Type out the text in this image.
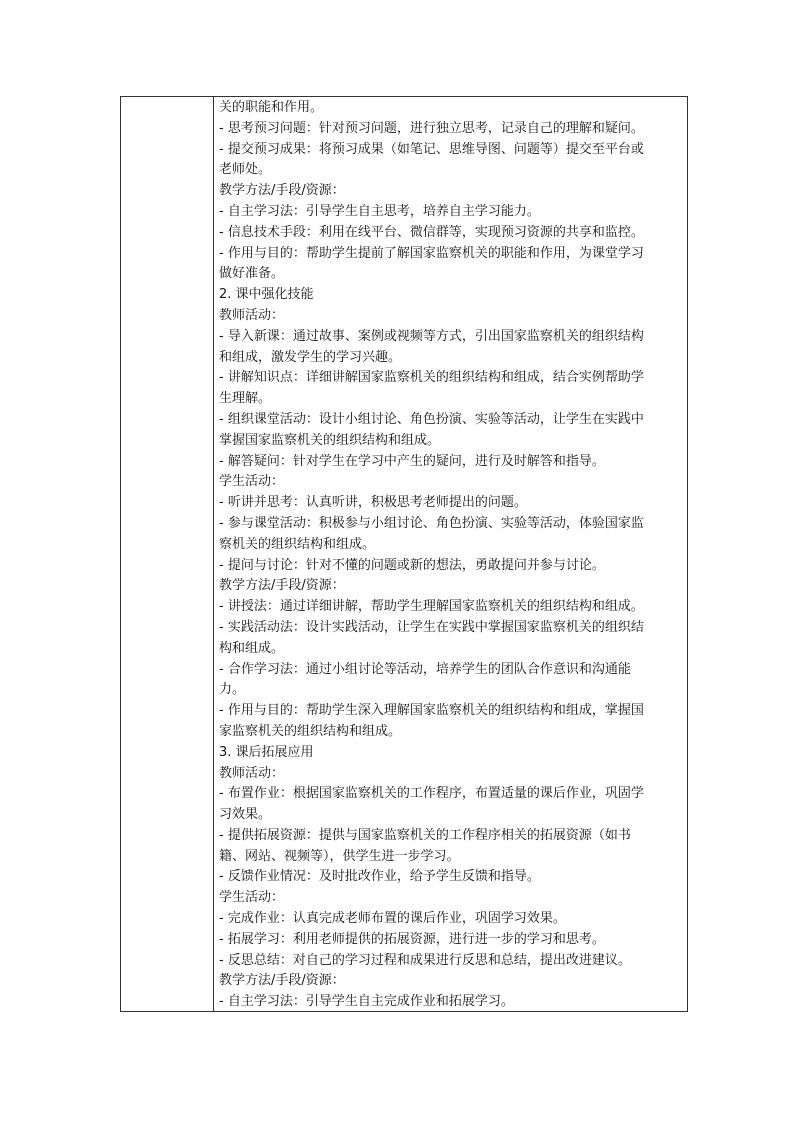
关的职能和作用。
- 思考预习问题：针对预习问题，进行独立思考，记录自己的理解和疑问。
- 提交预习成果：将预习成果（如笔记、思维导图、问题等）提交至平台或
老师处。
教学方法/手段/资源：
- 自主学习法：引导学生自主思考，培养自主学习能力。
- 信息技术手段：利用在线平台、微信群等，实现预习资源的共享和监控。
- 作用与目的：帮助学生提前了解国家监察机关的职能和作用，为课堂学习
做好准备。
2. 课中强化技能
教师活动：
- 导入新课：通过故事、案例或视频等方式，引出国家监察机关的组织结构
和组成，激发学生的学习兴趣。
- 讲解知识点：详细讲解国家监察机关的组织结构和组成，结合实例帮助学
生理解。
- 组织课堂活动：设计小组讨论、角色扮演、实验等活动，让学生在实践中
掌握国家监察机关的组织结构和组成。
- 解答疑问：针对学生在学习中产生的疑问，进行及时解答和指导。
学生活动：
- 听讲并思考：认真听讲，积极思考老师提出的问题。
- 参与课堂活动：积极参与小组讨论、角色扮演、实验等活动，体验国家监
察机关的组织结构和组成。
- 提问与讨论：针对不懂的问题或新的想法，勇敢提问并参与讨论。
教学方法/手段/资源：
- 讲授法：通过详细讲解，帮助学生理解国家监察机关的组织结构和组成。
- 实践活动法：设计实践活动，让学生在实践中掌握国家监察机关的组织结
构和组成。
- 合作学习法：通过小组讨论等活动，培养学生的团队合作意识和沟通能
力。
- 作用与目的：帮助学生深入理解国家监察机关的组织结构和组成，掌握国
家监察机关的组织结构和组成。
3. 课后拓展应用
教师活动：
- 布置作业：根据国家监察机关的工作程序，布置适量的课后作业，巩固学
习效果。
- 提供拓展资源：提供与国家监察机关的工作程序相关的拓展资源（如书
籍、网站、视频等），供学生进一步学习。
- 反馈作业情况：及时批改作业，给予学生反馈和指导。
学生活动：
- 完成作业：认真完成老师布置的课后作业，巩固学习效果。
- 拓展学习：利用老师提供的拓展资源，进行进一步的学习和思考。
- 反思总结：对自己的学习过程和成果进行反思和总结，提出改进建议。
教学方法/手段/资源：
- 自主学习法：引导学生自主完成作业和拓展学习。
